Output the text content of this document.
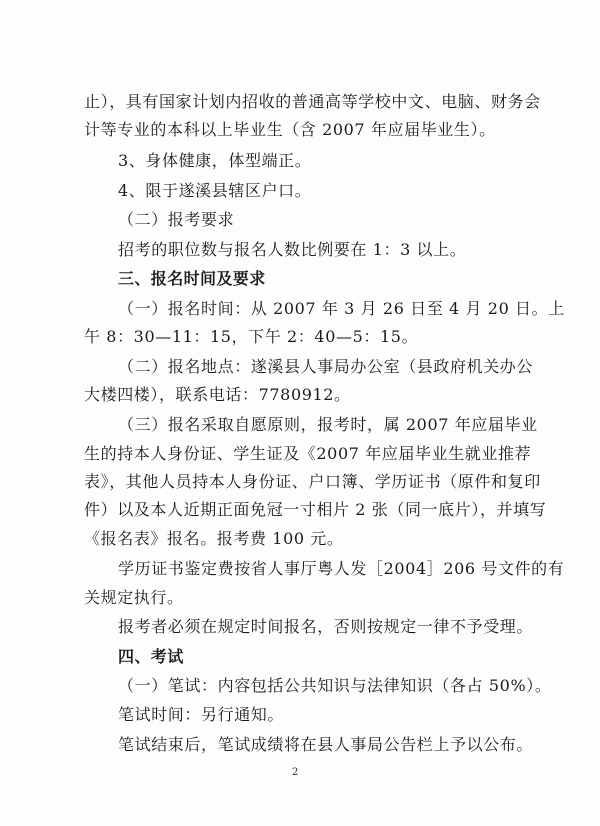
止），具有国家计划内招收的普通高等学校中文、电脑、财务会
计等专业的本科以上毕业生（含 2007 年应届毕业生）。
3、身体健康，体型端正。
4、限于遂溪县辖区户口。
（二）报考要求
招考的职位数与报名人数比例要在 1：3 以上。
三、报名时间及要求
（一）报名时间：从 2007 年 3 月 26 日至 4 月 20 日。上
午 8：30—11：15，下午 2：40—5：15。
（二）报名地点：遂溪县人事局办公室（县政府机关办公
大楼四楼），联系电话：7780912。
（三）报名采取自愿原则，报考时，属 2007 年应届毕业
生的持本人身份证、学生证及《2007 年应届毕业生就业推荐
表》，其他人员持本人身份证、户口簿、学历证书（原件和复印
件）以及本人近期正面免冠一寸相片 2 张（同一底片），并填写
《报名表》报名。报考费 100 元。
学历证书鉴定费按省人事厅粤人发［2004］206 号文件的有
关规定执行。
报考者必须在规定时间报名，否则按规定一律不予受理。
四、考试
（一）笔试：内容包括公共知识与法律知识（各占 50%）。
笔试时间：另行通知。
笔试结束后，笔试成绩将在县人事局公告栏上予以公布。
2
